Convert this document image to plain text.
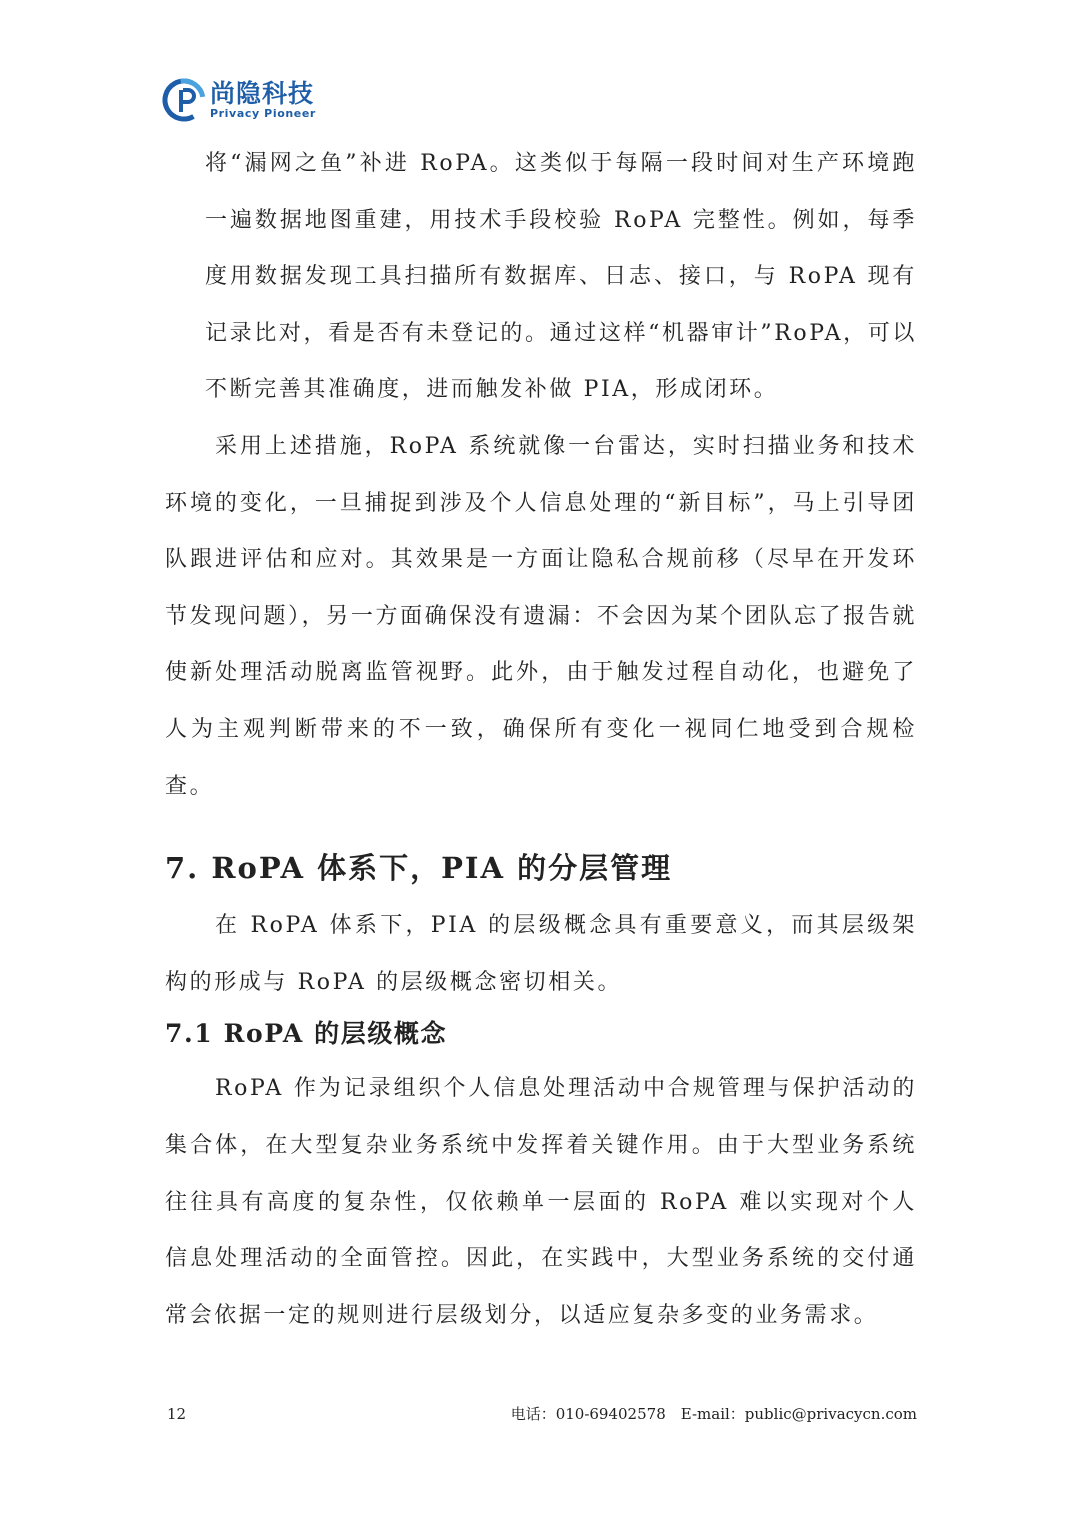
尚隐科技
Privacy Pioneer

将“漏网之鱼”补进 RoPA。这类似于每隔一段时间对生产环境跑一遍数据地图重建，用技术手段校验 RoPA 完整性。例如，每季度用数据发现工具扫描所有数据库、日志、接口，与 RoPA 现有记录比对，看是否有未登记的。通过这样“机器审计”RoPA，可以不断完善其准确度，进而触发补做 PIA，形成闭环。

采用上述措施，RoPA 系统就像一台雷达，实时扫描业务和技术环境的变化，一旦捕捉到涉及个人信息处理的“新目标”，马上引导团队跟进评估和应对。其效果是一方面让隐私合规前移（尽早在开发环节发现问题），另一方面确保没有遗漏：不会因为某个团队忘了报告就使新处理活动脱离监管视野。此外，由于触发过程自动化，也避免了人为主观判断带来的不一致，确保所有变化一视同仁地受到合规检查。

7. RoPA 体系下，PIA 的分层管理

在 RoPA 体系下，PIA 的层级概念具有重要意义，而其层级架构的形成与 RoPA 的层级概念密切相关。

7.1 RoPA 的层级概念

RoPA 作为记录组织个人信息处理活动中合规管理与保护活动的集合体，在大型复杂业务系统中发挥着关键作用。由于大型业务系统往往具有高度的复杂性，仅依赖单一层面的 RoPA 难以实现对个人信息处理活动的全面管控。因此，在实践中，大型业务系统的交付通常会依据一定的规则进行层级划分，以适应复杂多变的业务需求。

12	电话：010-69402578　E-mail：public@privacycn.com
